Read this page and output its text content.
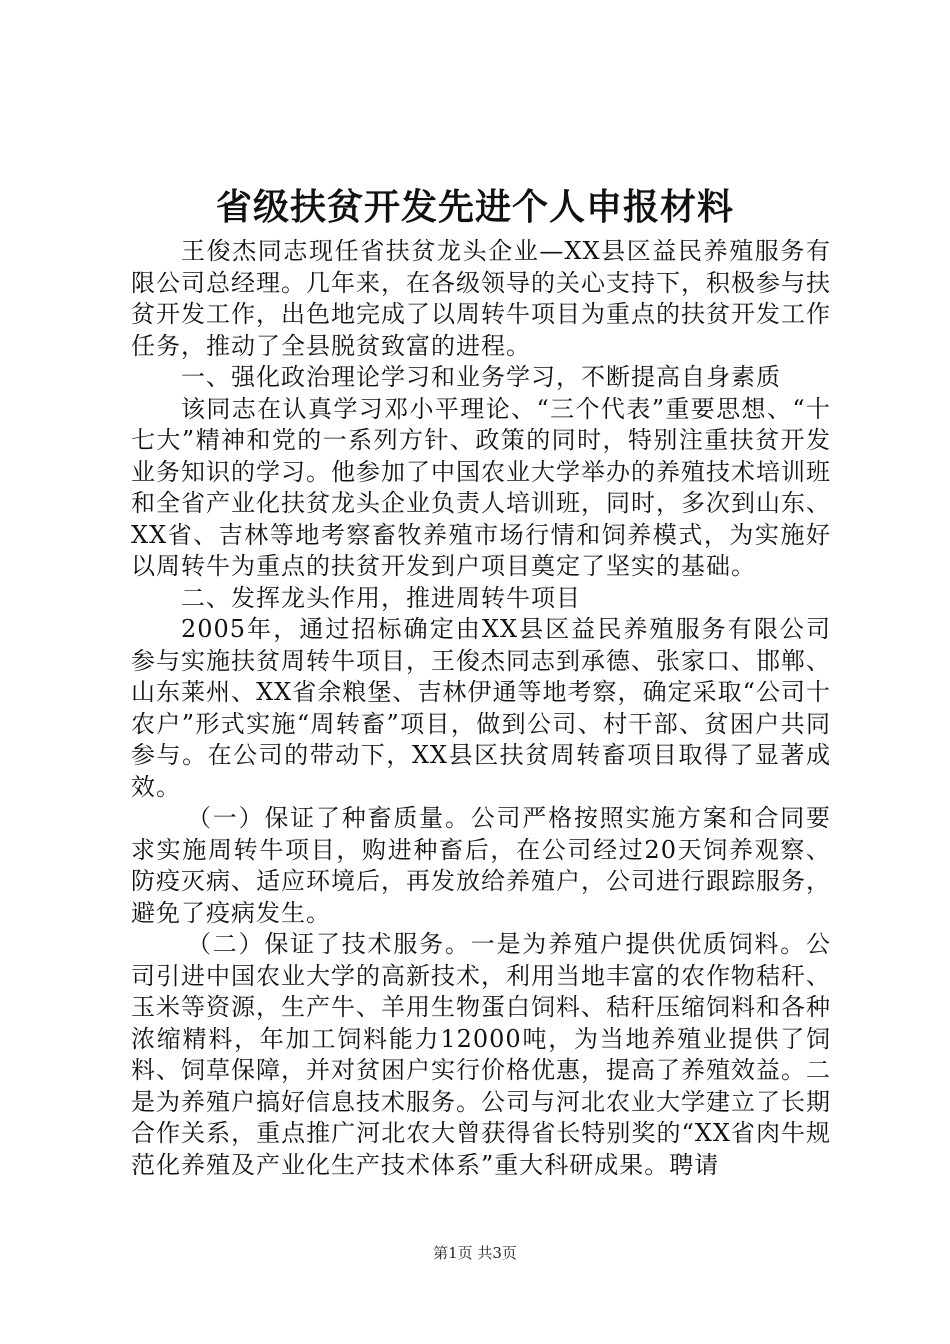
省级扶贫开发先进个人申报材料

王俊杰同志现任省扶贫龙头企业—XX县区益民养殖服务有限公司总经理。几年来，在各级领导的关心支持下，积极参与扶贫开发工作，出色地完成了以周转牛项目为重点的扶贫开发工作任务，推动了全县脱贫致富的进程。

一、强化政治理论学习和业务学习，不断提高自身素质

该同志在认真学习邓小平理论、“三个代表”重要思想、“十七大”精神和党的一系列方针、政策的同时，特别注重扶贫开发业务知识的学习。他参加了中国农业大学举办的养殖技术培训班和全省产业化扶贫龙头企业负责人培训班，同时，多次到山东、XX省、吉林等地考察畜牧养殖市场行情和饲养模式，为实施好以周转牛为重点的扶贫开发到户项目奠定了坚实的基础。

二、发挥龙头作用，推进周转牛项目

2005年，通过招标确定由XX县区益民养殖服务有限公司参与实施扶贫周转牛项目，王俊杰同志到承德、张家口、邯郸、山东莱州、XX省余粮堡、吉林伊通等地考察，确定采取“公司十农户”形式实施“周转畜”项目，做到公司、村干部、贫困户共同参与。在公司的带动下，XX县区扶贫周转畜项目取得了显著成效。

（一）保证了种畜质量。公司严格按照实施方案和合同要求实施周转牛项目，购进种畜后，在公司经过20天饲养观察、防疫灭病、适应环境后，再发放给养殖户，公司进行跟踪服务，避免了疫病发生。

（二）保证了技术服务。一是为养殖户提供优质饲料。公司引进中国农业大学的高新技术，利用当地丰富的农作物秸秆、玉米等资源，生产牛、羊用生物蛋白饲料、秸秆压缩饲料和各种浓缩精料，年加工饲料能力12000吨，为当地养殖业提供了饲料、饲草保障，并对贫困户实行价格优惠，提高了养殖效益。二是为养殖户搞好信息技术服务。公司与河北农业大学建立了长期合作关系，重点推广河北农大曾获得省长特别奖的“XX省肉牛规范化养殖及产业化生产技术体系”重大科研成果。聘请

第1页 共3页
